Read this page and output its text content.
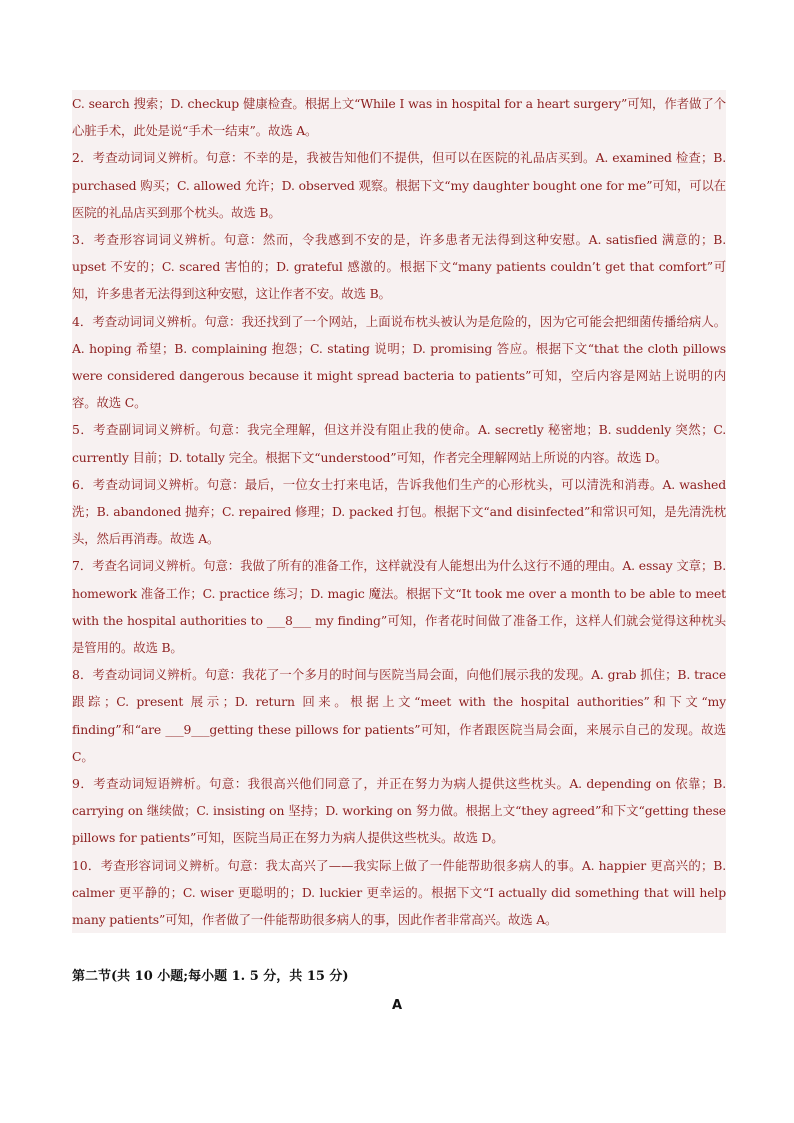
C. search 搜索；D. checkup 健康检查。根据上文“While I was in hospital for a heart surgery”可知，作者做了个心脏手术，此处是说“手术一结束”。故选 A。

2．考查动词词义辨析。句意：不幸的是，我被告知他们不提供，但可以在医院的礼品店买到。A. examined 检查；B. purchased 购买；C. allowed 允许；D. observed 观察。根据下文“my daughter bought one for me”可知，可以在医院的礼品店买到那个枕头。故选 B。

3．考查形容词词义辨析。句意：然而，令我感到不安的是，许多患者无法得到这种安慰。A. satisfied 满意的；B. upset 不安的；C. scared 害怕的；D. grateful 感激的。根据下文“many patients couldn’t get that comfort”可知，许多患者无法得到这种安慰，这让作者不安。故选 B。

4．考查动词词义辨析。句意：我还找到了一个网站，上面说布枕头被认为是危险的，因为它可能会把细菌传播给病人。A. hoping 希望；B. complaining 抱怨；C. stating 说明；D. promising 答应。根据下文“that the cloth pillows were considered dangerous because it might spread bacteria to patients”可知，空后内容是网站上说明的内容。故选 C。

5．考查副词词义辨析。句意：我完全理解，但这并没有阻止我的使命。A. secretly 秘密地；B. suddenly 突然；C. currently 目前；D. totally 完全。根据下文“understood”可知，作者完全理解网站上所说的内容。故选 D。

6．考查动词词义辨析。句意：最后，一位女士打来电话，告诉我他们生产的心形枕头，可以清洗和消毒。A. washed 洗；B. abandoned 抛弃；C. repaired 修理；D. packed 打包。根据下文“and disinfected”和常识可知，是先清洗枕头，然后再消毒。故选 A。

7．考查名词词义辨析。句意：我做了所有的准备工作，这样就没有人能想出为什么这行不通的理由。A. essay 文章；B. homework 准备工作；C. practice 练习；D. magic 魔法。根据下文“It took me over a month to be able to meet with the hospital authorities to ___8___ my finding”可知，作者花时间做了准备工作，这样人们就会觉得这种枕头是管用的。故选 B。

8．考查动词词义辨析。句意：我花了一个多月的时间与医院当局会面，向他们展示我的发现。A. grab 抓住；B. trace 跟踪；C. present 展示；D. return 回来。根据上文“meet with the hospital authorities”和下文“my finding”和“are ___9___getting these pillows for patients”可知，作者跟医院当局会面，来展示自己的发现。故选 C。

9．考查动词短语辨析。句意：我很高兴他们同意了，并正在努力为病人提供这些枕头。A. depending on 依靠；B. carrying on 继续做；C. insisting on 坚持；D. working on 努力做。根据上文“they agreed”和下文“getting these pillows for patients”可知，医院当局正在努力为病人提供这些枕头。故选 D。

10．考查形容词词义辨析。句意：我太高兴了——我实际上做了一件能帮助很多病人的事。A. happier 更高兴的；B. calmer 更平静的；C. wiser 更聪明的；D. luckier 更幸运的。根据下文“I actually did something that will help many patients”可知，作者做了一件能帮助很多病人的事，因此作者非常高兴。故选 A。

第二节(共 10 小题;每小题 1. 5 分，共 15 分)

A
